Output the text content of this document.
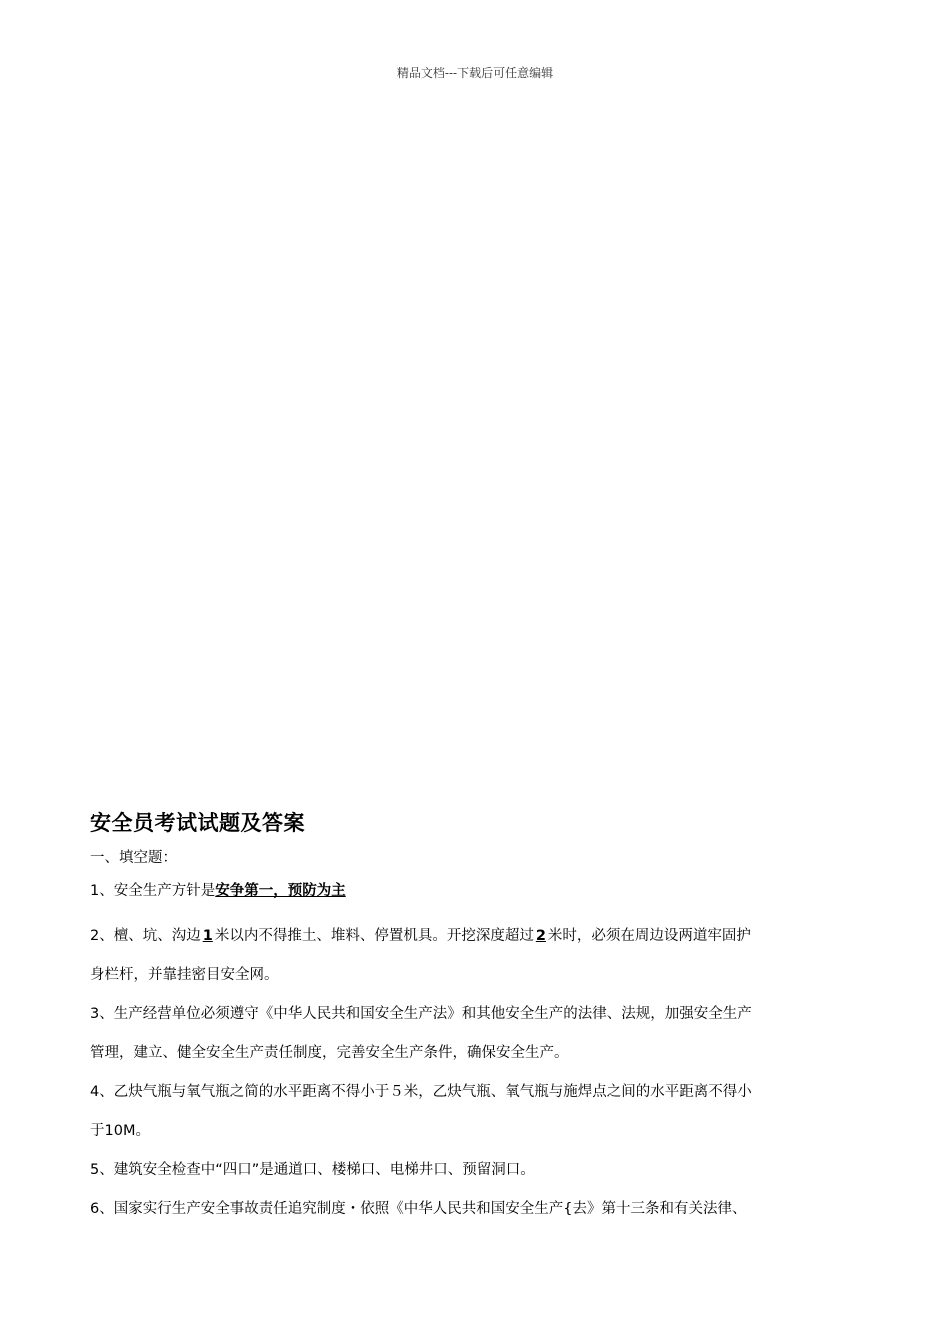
精品文档---下载后可任意编辑
安全员考试试题及答案
一、填空题：
1、安全生产方针是安争第一，预防为主
2、檀、坑、沟边 1 米以内不得推土、堆料、停置机具。开挖深度超过 2 米时，必须在周边设两道牢固护
身栏杆，并靠挂密目安全网。
3、生产经营单位必须遵守《中华人民共和国安全生产法》和其他安全生产的法律、法规，加强安全生产
管理，建立、健全安全生产责任制度，完善安全生产条件，确保安全生产。
4、乙炔气瓶与氧气瓶之简的水平距离不得小于５米，乙炔气瓶、氧气瓶与施焊点之间的水平距离不得小
于10M。
5、建筑安全检查中“四口”是通道口、楼梯口、电梯井口、预留洞口。
6、国家实行生产安全事故责任追究制度・依照《中华人民共和国安全生产{去》第十三条和有关法律、
